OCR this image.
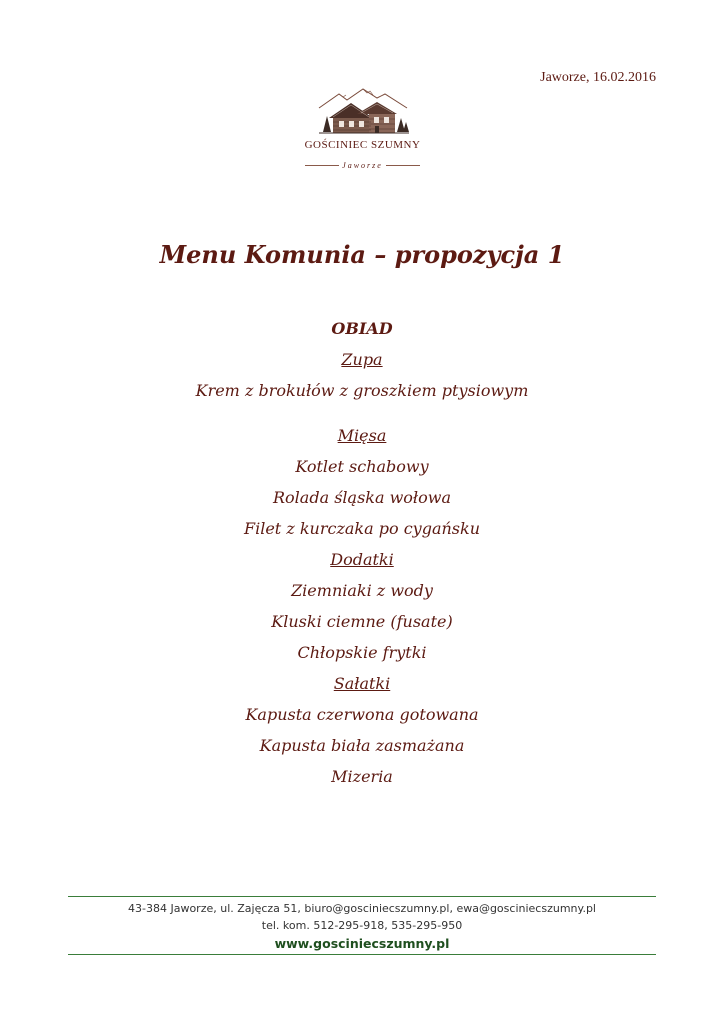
Jaworze, 16.02.2016
GOŚCINIEC SZUMNY
Jaworze
Menu Komunia – propozycja 1
OBIAD
Zupa
Krem z brokułów z groszkiem ptysiowym
Mięsa
Kotlet schabowy
Rolada śląska wołowa
Filet z kurczaka po cygańsku
Dodatki
Ziemniaki z wody
Kluski ciemne (fusate)
Chłopskie frytki
Sałatki
Kapusta czerwona gotowana
Kapusta biała zasmażana
Mizeria
43-384 Jaworze, ul. Zajęcza 51, biuro@gosciniecszumny.pl, ewa@gosciniecszumny.pl
tel. kom. 512-295-918, 535-295-950
www.gosciniecszumny.pl
